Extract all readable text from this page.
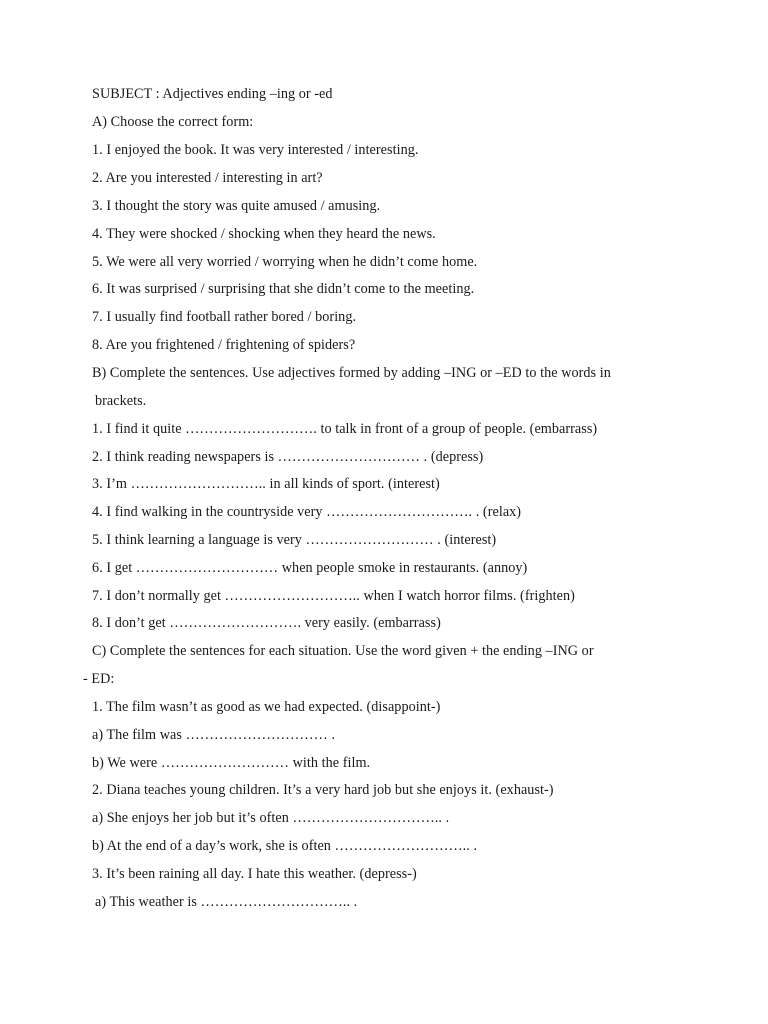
SUBJECT : Adjectives ending –ing or -ed
A) Choose the correct form:
1. I enjoyed the book. It was very interested / interesting.
2. Are you interested / interesting in art?
3. I thought the story was quite amused / amusing.
4. They were shocked / shocking when they heard the news.
5. We were all very worried / worrying when he didn’t come home.
6. It was surprised / surprising that she didn’t come to the meeting.
7. I usually find football rather bored / boring.
8. Are you frightened / frightening of spiders?
B) Complete the sentences. Use adjectives formed by adding –ING or –ED to the words in
brackets.
1. I find it quite ………………………. to talk in front of a group of people. (embarrass)
2. I think reading newspapers is ………………………… . (depress)
3. I’m ……………………….. in all kinds of sport. (interest)
4. I find walking in the countryside very …………………………. . (relax)
5. I think learning a language is very ……………………… . (interest)
6. I get ………………………… when people smoke in restaurants. (annoy)
7. I don’t normally get ……………………….. when I watch horror films. (frighten)
8. I don’t get ………………………. very easily. (embarrass)
C) Complete the sentences for each situation. Use the word given + the ending –ING or
- ED:
1. The film wasn’t as good as we had expected. (disappoint-)
a) The film was ………………………… .
b) We were ……………………… with the film.
2. Diana teaches young children. It’s a very hard job but she enjoys it. (exhaust-)
a) She enjoys her job but it’s often ………………………….. .
b) At the end of a day’s work, she is often ……………………….. .
3. It’s been raining all day. I hate this weather. (depress-)
a) This weather is ………………………….. .
